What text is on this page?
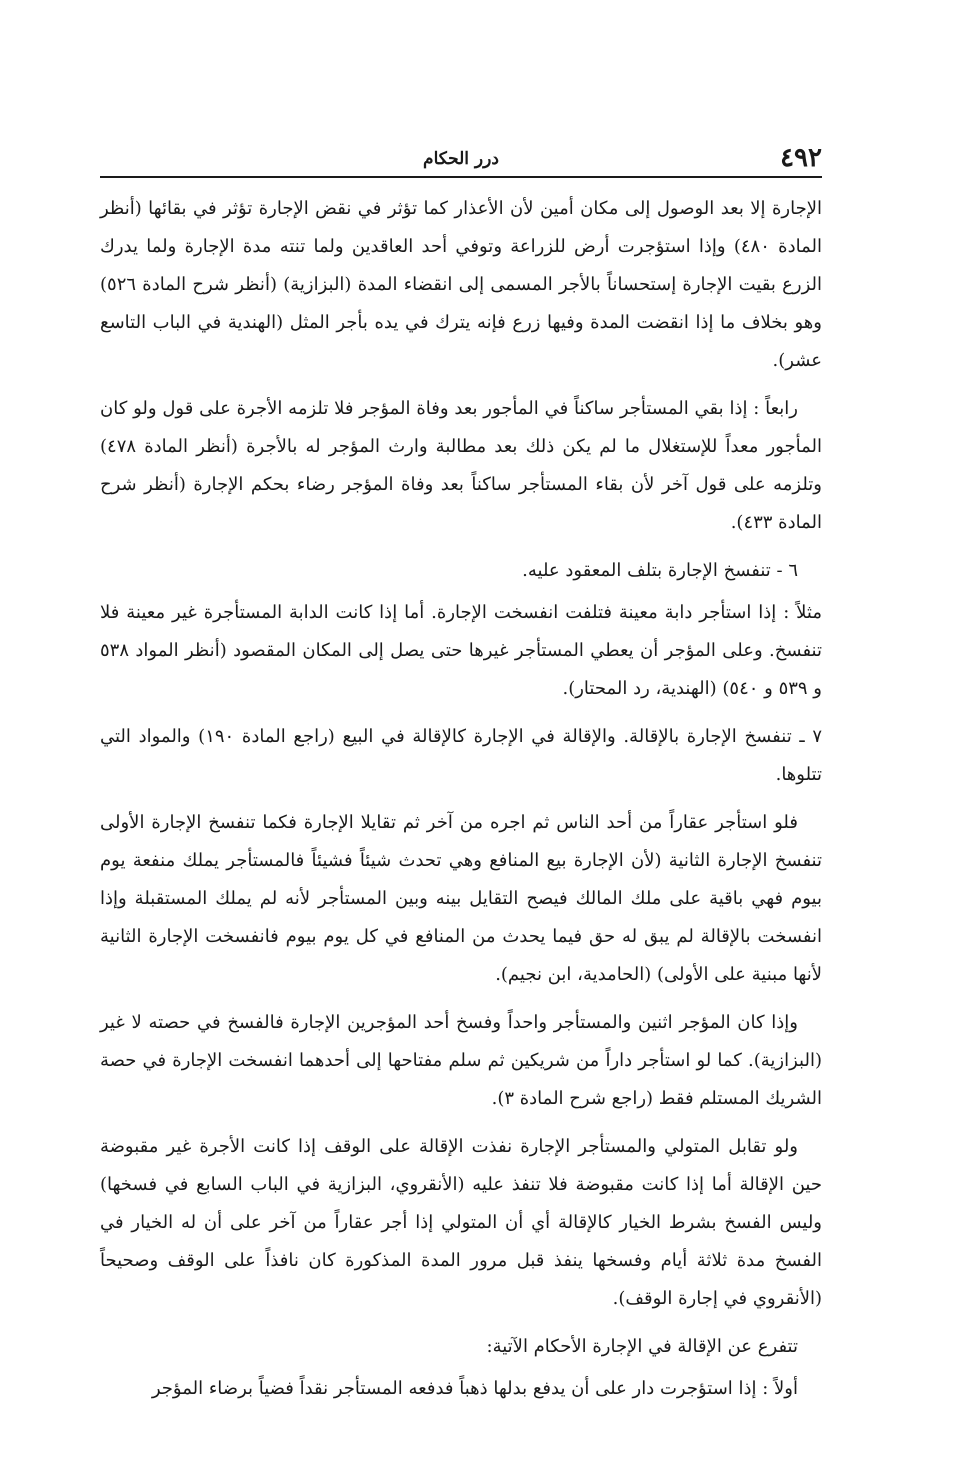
٤٩٢
درر الحكام

الإجارة إلا بعد الوصول إلى مكان أمين لأن الأعذار كما تؤثر في نقض الإجارة تؤثر في بقائها (أنظر المادة ٤٨٠) وإذا استؤجرت أرض للزراعة وتوفي أحد العاقدين ولما تنته مدة الإجارة ولما يدرك الزرع بقيت الإجارة إستحساناً بالأجر المسمى إلى انقضاء المدة (البزازية) (أنظر شرح المادة ٥٢٦) وهو بخلاف ما إذا انقضت المدة وفيها زرع فإنه يترك في يده بأجر المثل (الهندية في الباب التاسع عشر).

رابعاً : إذا بقي المستأجر ساكناً في المأجور بعد وفاة المؤجر فلا تلزمه الأجرة على قول ولو كان المأجور معداً للإستغلال ما لم يكن ذلك بعد مطالبة وارث المؤجر له بالأجرة (أنظر المادة ٤٧٨) وتلزمه على قول آخر لأن بقاء المستأجر ساكناً بعد وفاة المؤجر رضاء بحكم الإجارة (أنظر شرح المادة ٤٣٣).

٦ - تنفسخ الإجارة بتلف المعقود عليه.

مثلاً : إذا استأجر دابة معينة فتلفت انفسخت الإجارة. أما إذا كانت الدابة المستأجرة غير معينة فلا تنفسخ. وعلى المؤجر أن يعطي المستأجر غيرها حتى يصل إلى المكان المقصود (أنظر المواد ٥٣٨ و ٥٣٩ و ٥٤٠) (الهندية، رد المحتار).

٧ ـ تنفسخ الإجارة بالإقالة. والإقالة في الإجارة كالإقالة في البيع (راجع المادة ١٩٠) والمواد التي تتلوها.

فلو استأجر عقاراً من أحد الناس ثم اجره من آخر ثم تقايلا الإجارة فكما تنفسخ الإجارة الأولى تنفسخ الإجارة الثانية (لأن الإجارة بيع المنافع وهي تحدث شيئاً فشيئاً فالمستأجر يملك منفعة يوم بيوم فهي باقية على ملك المالك فيصح التقايل بينه وبين المستأجر لأنه لم يملك المستقبلة وإذا انفسخت بالإقالة لم يبق له حق فيما يحدث من المنافع في كل يوم بيوم فانفسخت الإجارة الثانية لأنها مبنية على الأولى) (الحامدية، ابن نجيم).

وإذا كان المؤجر اثنين والمستأجر واحداً وفسخ أحد المؤجرين الإجارة فالفسخ في حصته لا غير (البزازية). كما لو استأجر داراً من شريكين ثم سلم مفتاحها إلى أحدهما انفسخت الإجارة في حصة الشريك المستلم فقط (راجع شرح المادة ٣).

ولو تقابل المتولي والمستأجر الإجارة نفذت الإقالة على الوقف إذا كانت الأجرة غير مقبوضة حين الإقالة أما إذا كانت مقبوضة فلا تنفذ عليه (الأنقروي، البزازية في الباب السابع في فسخها) وليس الفسخ بشرط الخيار كالإقالة أي أن المتولي إذا أجر عقاراً من آخر على أن له الخيار في الفسخ مدة ثلاثة أيام وفسخها ينفذ قبل مرور المدة المذكورة كان نافذاً على الوقف وصحيحاً (الأنقروي في إجارة الوقف).

تتفرع عن الإقالة في الإجارة الأحكام الآتية:

أولاً : إذا استؤجرت دار على أن يدفع بدلها ذهباً فدفعه المستأجر نقداً فضياً برضاء المؤجر
